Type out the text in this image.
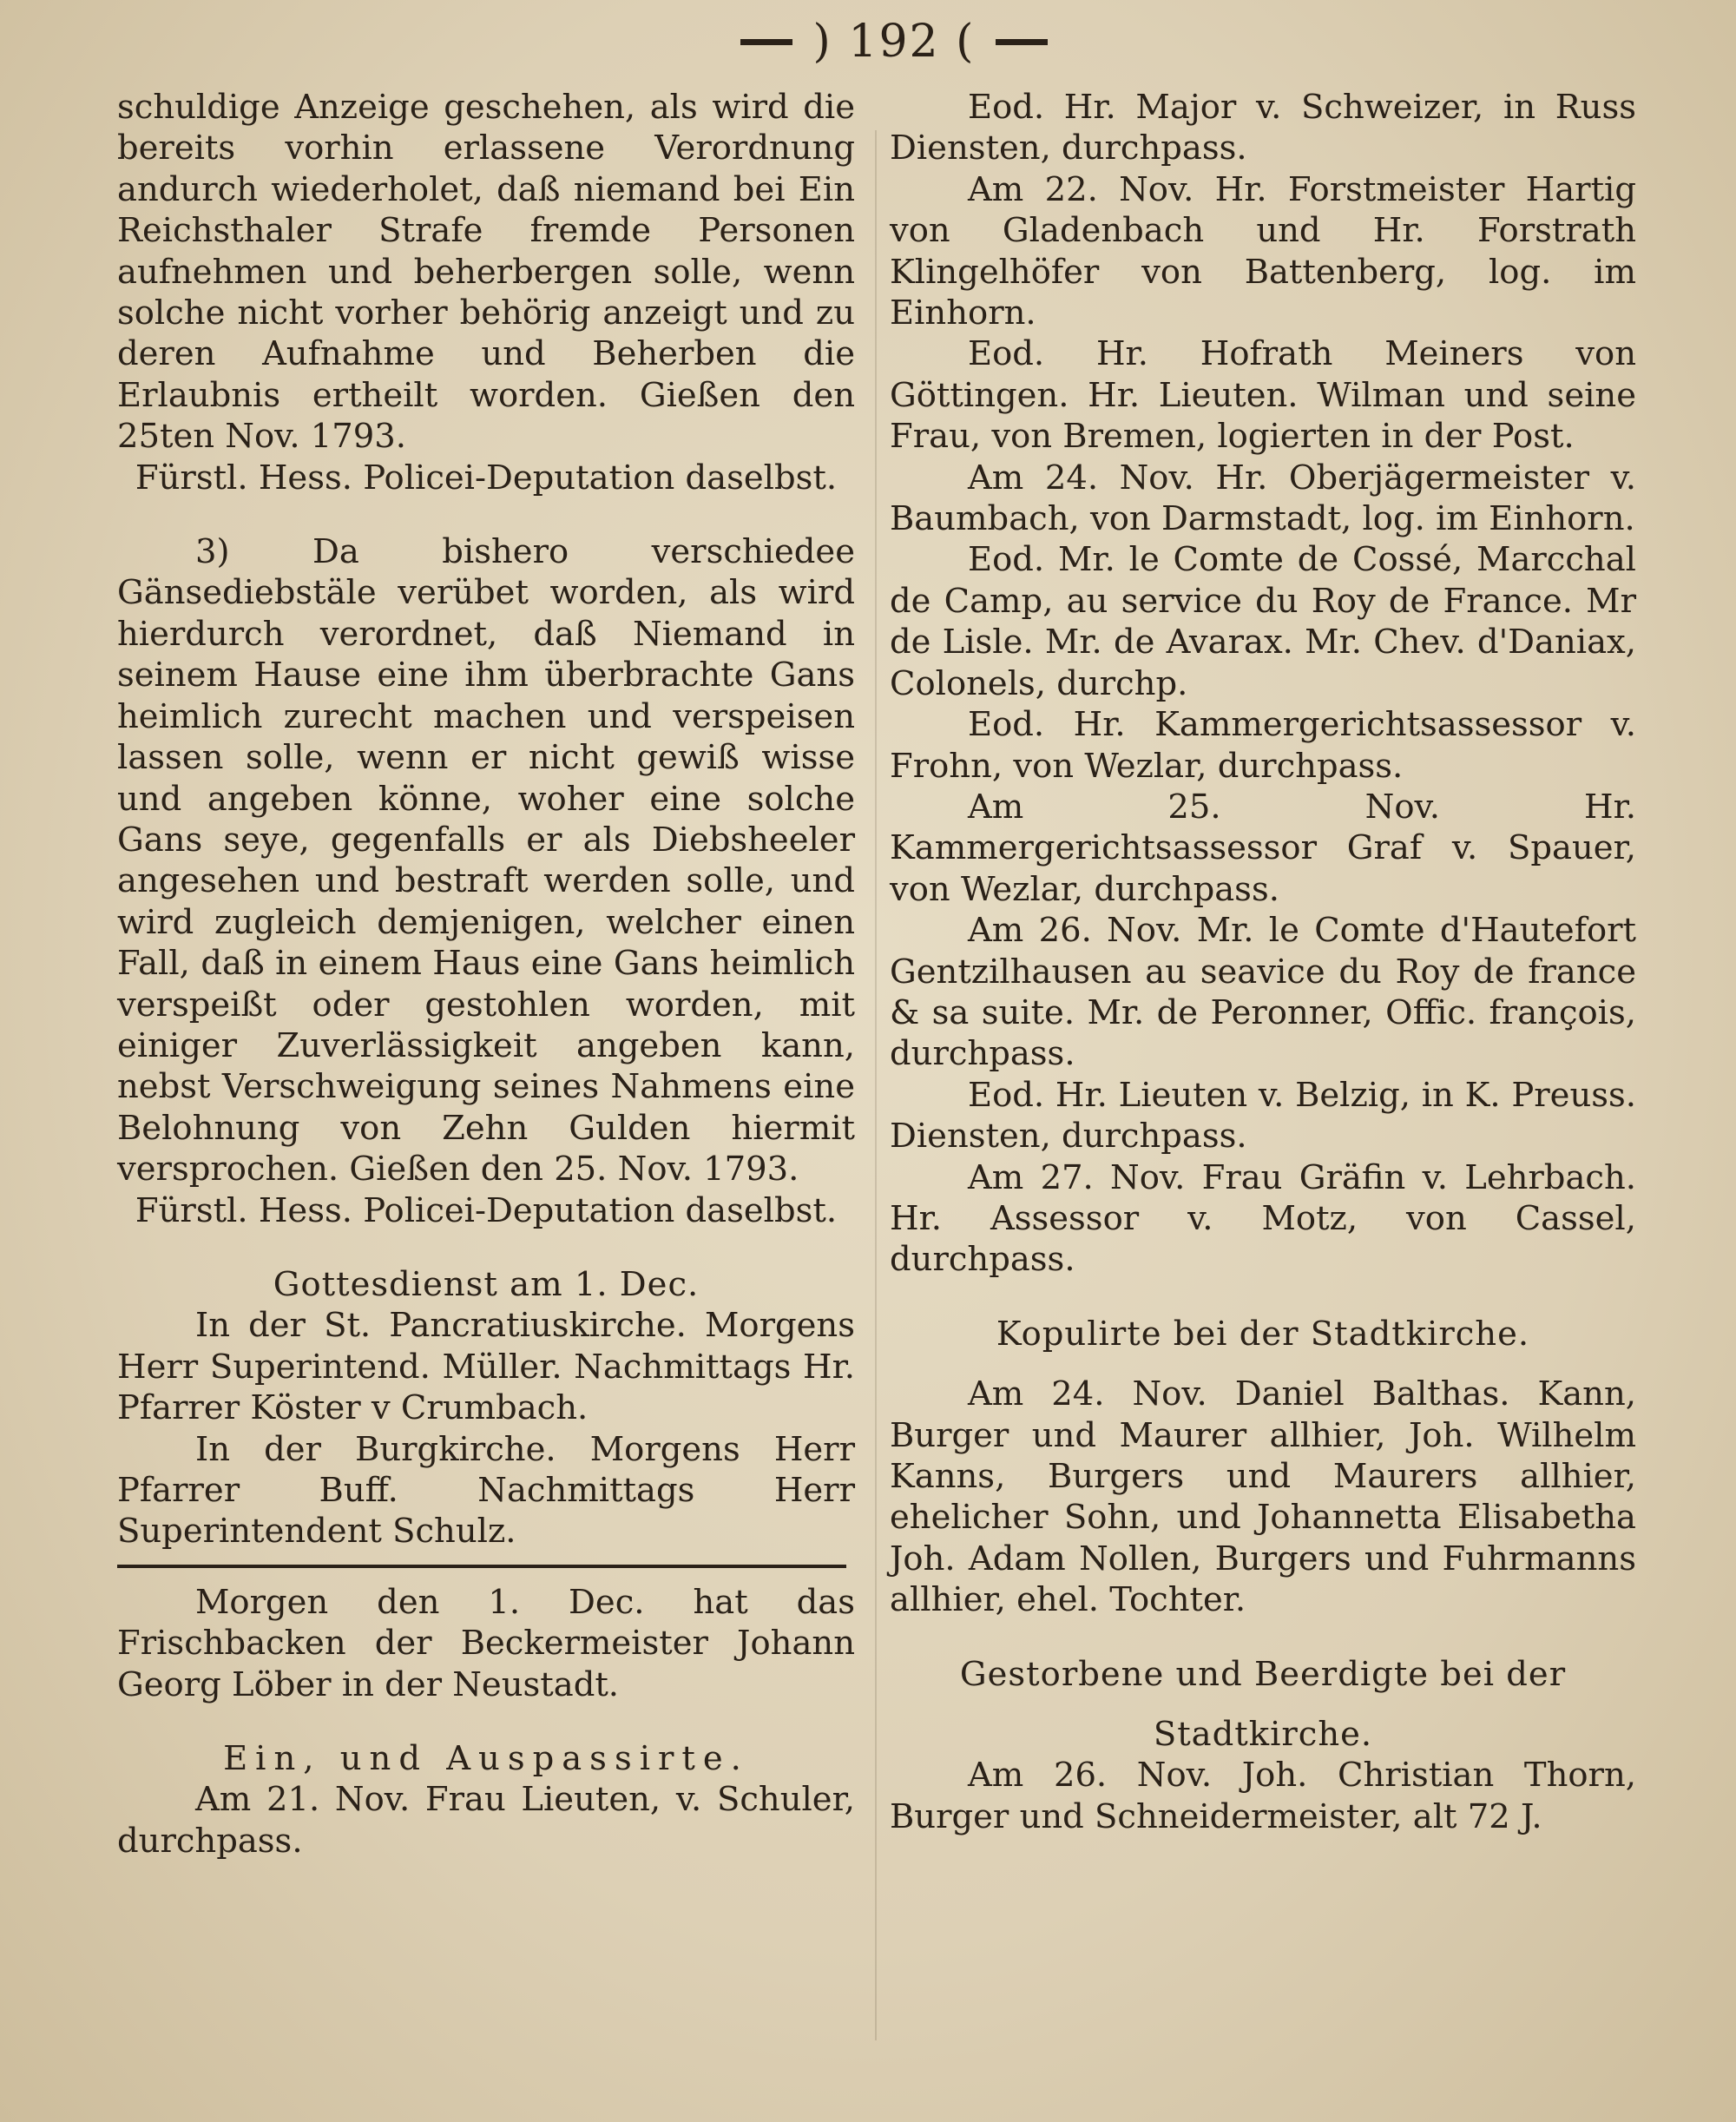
) 192 (

schuldige Anzeige geschehen, als wird die bereits vorhin erlassene Verordnung andurch wiederholet, daß niemand bei Ein Reichsthaler Strafe fremde Personen aufnehmen und beherbergen solle, wenn solche nicht vorher behörig anzeigt und zu deren Aufnahme und Beherben die Erlaubnis ertheilt worden. Gießen den 25ten Nov. 1793.

Fürstl. Hess. Policei-Deputation daselbst.

3) Da bishero verschiedee Gänsediebstäle verübet worden, als wird hierdurch verordnet, daß Niemand in seinem Hause eine ihm überbrachte Gans heimlich zurecht machen und verspeisen lassen solle, wenn er nicht gewiß wisse und angeben könne, woher eine solche Gans seye, gegenfalls er als Diebsheeler angesehen und bestraft werden solle, und wird zugleich demjenigen, welcher einen Fall, daß in einem Haus eine Gans heimlich verspeißt oder gestohlen worden, mit einiger Zuverlässigkeit angeben kann, nebst Verschweigung seines Nahmens eine Belohnung von Zehn Gulden hiermit versprochen. Gießen den 25. Nov. 1793.

Fürstl. Hess. Policei-Deputation daselbst.

Gottesdienst am 1. Dec.

In der St. Pancratiuskirche. Morgens Herr Superintend. Müller. Nachmittags Hr. Pfarrer Köster v Crumbach.

In der Burgkirche. Morgens Herr Pfarrer Buff. Nachmittags Herr Superintendent Schulz.

Morgen den 1. Dec. hat das Frischbacken der Beckermeister Johann Georg Löber in der Neustadt.

Ein, und Auspassirte.

Am 21. Nov. Frau Lieuten, v. Schuler, durchpass.

Eod. Hr. Major v. Schweizer, in Russ Diensten, durchpass.

Am 22. Nov. Hr. Forstmeister Hartig von Gladenbach und Hr. Forstrath Klingelhöfer von Battenberg, log. im Einhorn.

Eod. Hr. Hofrath Meiners von Göttingen. Hr. Lieuten. Wilman und seine Frau, von Bremen, logierten in der Post.

Am 24. Nov. Hr. Oberjägermeister v. Baumbach, von Darmstadt, log. im Einhorn.

Eod. Mr. le Comte de Cossé, Marcchal de Camp, au service du Roy de France. Mr de Lisle. Mr. de Avarax. Mr. Chev. d'Daniax, Colonels, durchp.

Eod. Hr. Kammergerichtsassessor v. Frohn, von Wezlar, durchpass.

Am 25. Nov. Hr. Kammergerichtsassessor Graf v. Spauer, von Wezlar, durchpass.

Am 26. Nov. Mr. le Comte d'Hautefort Gentzilhausen au seavice du Roy de france & sa suite. Mr. de Peronner, Offic. françois, durchpass.

Eod. Hr. Lieuten v. Belzig, in K. Preuss. Diensten, durchpass.

Am 27. Nov. Frau Gräfin v. Lehrbach. Hr. Assessor v. Motz, von Cassel, durchpass.

Kopulirte bei der Stadtkirche.

Am 24. Nov. Daniel Balthas. Kann, Burger und Maurer allhier, Joh. Wilhelm Kanns, Burgers und Maurers allhier, ehelicher Sohn, und Johannetta Elisabetha Joh. Adam Nollen, Burgers und Fuhrmanns allhier, ehel. Tochter.

Gestorbene und Beerdigte bei der

Stadtkirche.

Am 26. Nov. Joh. Christian Thorn, Burger und Schneidermeister, alt 72 J.
